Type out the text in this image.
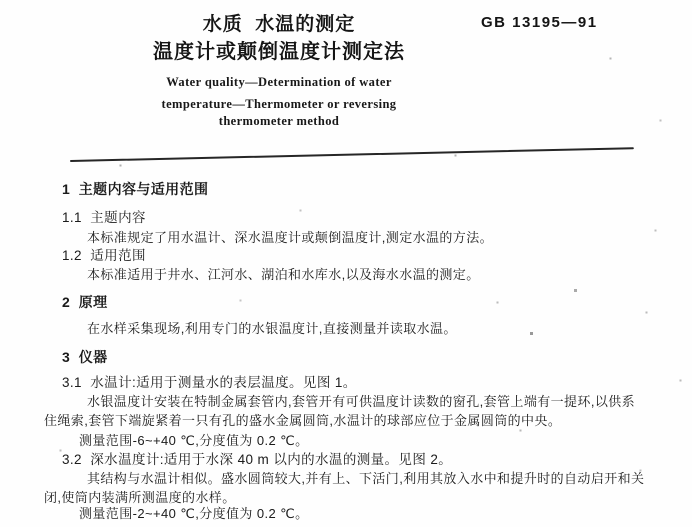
水质  水温的测定
温度计或颠倒温度计测定法
GB 13195—91
Water quality—Determination of water
temperature—Thermometer or reversing
thermometer method
1  主题内容与适用范围
1.1  主题内容
本标准规定了用水温计、深水温度计或颠倒温度计,测定水温的方法。
1.2  适用范围
本标准适用于井水、江河水、湖泊和水库水,以及海水水温的测定。
2  原理
在水样采集现场,利用专门的水银温度计,直接测量并读取水温。
3  仪器
3.1  水温计:适用于测量水的表层温度。见图 1。
水银温度计安装在特制金属套管内,套管开有可供温度计读数的窗孔,套管上端有一提环,以供系
住绳索,套管下端旋紧着一只有孔的盛水金属圆筒,水温计的球部应位于金属圆筒的中央。
测量范围-6~+40 ℃,分度值为 0.2 ℃。
3.2  深水温度计:适用于水深 40 m 以内的水温的测量。见图 2。
其结构与水温计相似。盛水圆筒较大,并有上、下活门,利用其放入水中和提升时的自动启开和关
闭,使筒内装满所测温度的水样。
测量范围-2~+40 ℃,分度值为 0.2 ℃。
